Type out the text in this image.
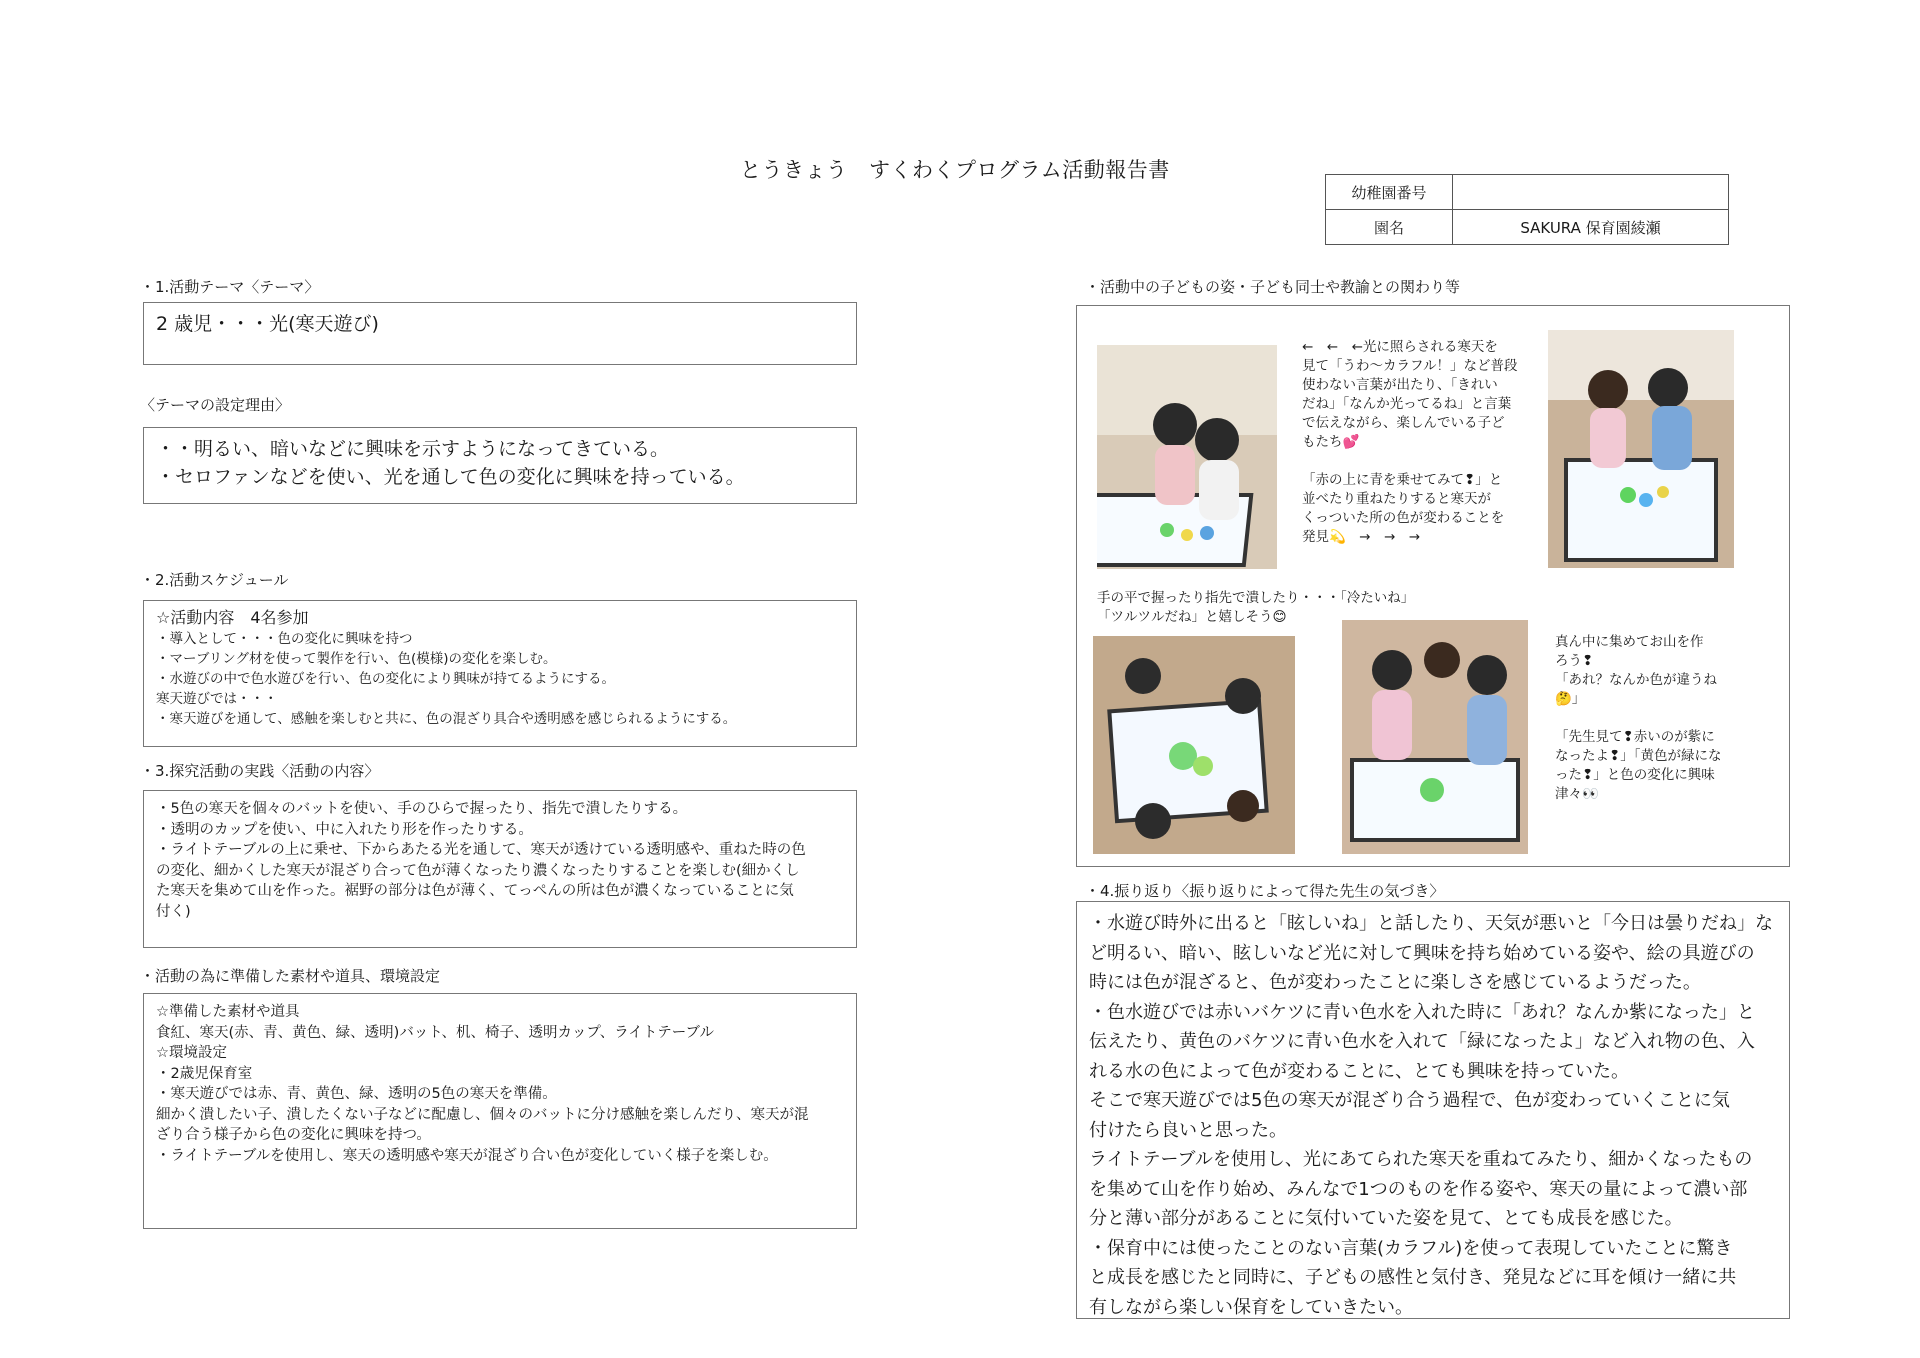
とうきょう　すくわくプログラム活動報告書
幼稚園番号	
園名	SAKURA 保育園綾瀬
・1.活動テーマ〈テーマ〉
2 歳児・・・光(寒天遊び)
〈テーマの設定理由〉
・・明るい、暗いなどに興味を示すようになってきている。
・セロファンなどを使い、光を通して色の変化に興味を持っている。
・2.活動スケジュール
☆活動内容　4名参加
・導入として・・・色の変化に興味を持つ
・マーブリング材を使って製作を行い、色(模様)の変化を楽しむ。
・水遊びの中で色水遊びを行い、色の変化により興味が持てるようにする。
寒天遊びでは・・・
・寒天遊びを通して、感触を楽しむと共に、色の混ざり具合や透明感を感じられるようにする。
・3.探究活動の実践〈活動の内容〉
・5色の寒天を個々のバットを使い、手のひらで握ったり、指先で潰したりする。
・透明のカップを使い、中に入れたり形を作ったりする。
・ライトテーブルの上に乗せ、下からあたる光を通して、寒天が透けている透明感や、重ねた時の色
の変化、細かくした寒天が混ざり合って色が薄くなったり濃くなったりすることを楽しむ(細かくし
た寒天を集めて山を作った。裾野の部分は色が薄く、てっぺんの所は色が濃くなっていることに気
付く)
・活動の為に準備した素材や道具、環境設定
☆準備した素材や道具
食紅、寒天(赤、青、黄色、緑、透明)バット、机、椅子、透明カップ、ライトテーブル
☆環境設定
・2歳児保育室
・寒天遊びでは赤、青、黄色、緑、透明の5色の寒天を準備。
細かく潰したい子、潰したくない子などに配慮し、個々のバットに分け感触を楽しんだり、寒天が混
ざり合う様子から色の変化に興味を持つ。
・ライトテーブルを使用し、寒天の透明感や寒天が混ざり合い色が変化していく様子を楽しむ。
・活動中の子どもの姿・子ども同士や教諭との関わり等
←　←　←光に照らされる寒天を
見て「うわ～カラフル！」など普段
使わない言葉が出たり、「きれい
だね」「なんか光ってるね」と言葉
で伝えながら、楽しんでいる子ど
もたち💕
「赤の上に青を乗せてみて❢」と
並べたり重ねたりすると寒天が
くっついた所の色が変わることを
発見💫　→　→　→
手の平で握ったり指先で潰したり・・・「冷たいね」
「ツルツルだね」と嬉しそう😊
真ん中に集めてお山を作
ろう❢
「あれ？なんか色が違うね
🤔」
「先生見て❢赤いのが紫に
なったよ❢」「黄色が緑にな
った❢」と色の変化に興味
津々👀
・4.振り返り〈振り返りによって得た先生の気づき〉
・水遊び時外に出ると「眩しいね」と話したり、天気が悪いと「今日は曇りだね」な
ど明るい、暗い、眩しいなど光に対して興味を持ち始めている姿や、絵の具遊びの
時には色が混ざると、色が変わったことに楽しさを感じているようだった。
・色水遊びでは赤いバケツに青い色水を入れた時に「あれ？なんか紫になった」と
伝えたり、黄色のバケツに青い色水を入れて「緑になったよ」など入れ物の色、入
れる水の色によって色が変わることに、とても興味を持っていた。
そこで寒天遊びでは5色の寒天が混ざり合う過程で、色が変わっていくことに気
付けたら良いと思った。
ライトテーブルを使用し、光にあてられた寒天を重ねてみたり、細かくなったもの
を集めて山を作り始め、みんなで1つのものを作る姿や、寒天の量によって濃い部
分と薄い部分があることに気付いていた姿を見て、とても成長を感じた。
・保育中には使ったことのない言葉(カラフル)を使って表現していたことに驚き
と成長を感じたと同時に、子どもの感性と気付き、発見などに耳を傾け一緒に共
有しながら楽しい保育をしていきたい。
